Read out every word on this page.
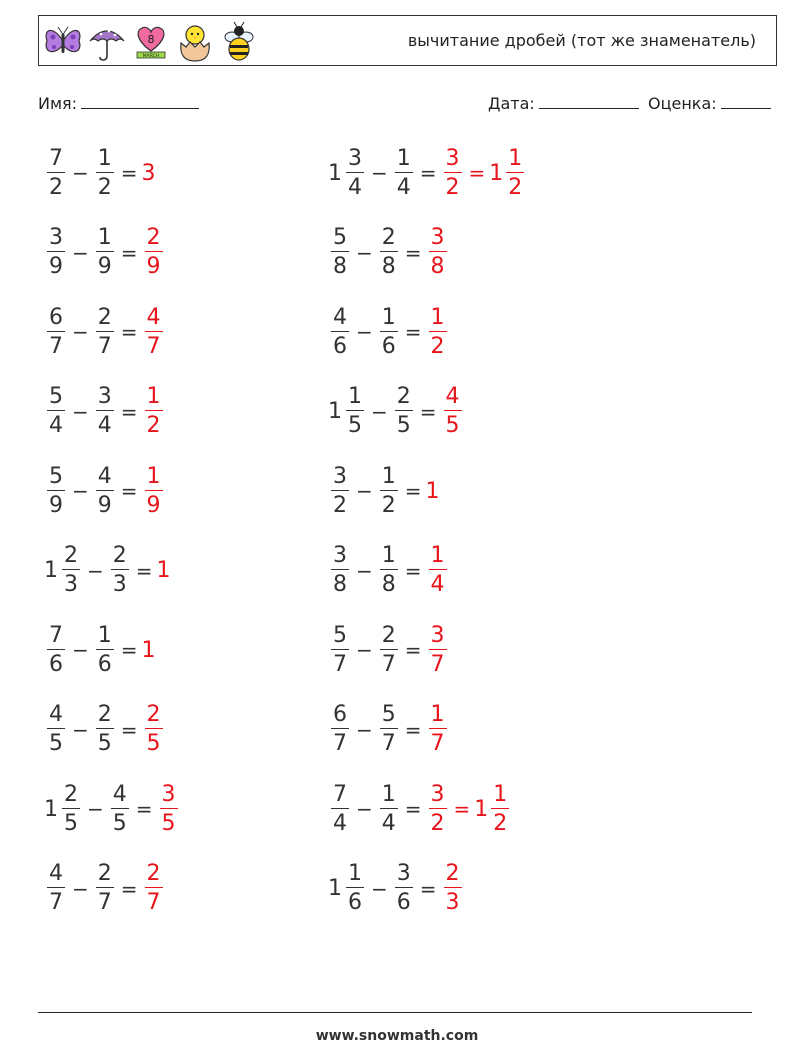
8
MARCH
вычитание дробей (тот же знаменатель)
Имя:	Дата:	Оценка:
$\frac{7}{2} - \frac{1}{2} = 3$	$1 \frac{3}{4} - \frac{1}{4} = \frac{3}{2} = 1 \frac{1}{2}$
$\frac{3}{9} - \frac{1}{9} = \frac{2}{9}$	$\frac{5}{8} - \frac{2}{8} = \frac{3}{8}$
$\frac{6}{7} - \frac{2}{7} = \frac{4}{7}$	$\frac{4}{6} - \frac{1}{6} = \frac{1}{2}$
$\frac{5}{4} - \frac{3}{4} = \frac{1}{2}$	$1 \frac{1}{5} - \frac{2}{5} = \frac{4}{5}$
$\frac{5}{9} - \frac{4}{9} = \frac{1}{9}$	$\frac{3}{2} - \frac{1}{2} = 1$
$1 \frac{2}{3} - \frac{2}{3} = 1$	$\frac{3}{8} - \frac{1}{8} = \frac{1}{4}$
$\frac{7}{6} - \frac{1}{6} = 1$	$\frac{5}{7} - \frac{2}{7} = \frac{3}{7}$
$\frac{4}{5} - \frac{2}{5} = \frac{2}{5}$	$\frac{6}{7} - \frac{5}{7} = \frac{1}{7}$
$1 \frac{2}{5} - \frac{4}{5} = \frac{3}{5}$	$\frac{7}{4} - \frac{1}{4} = \frac{3}{2} = 1 \frac{1}{2}$
$\frac{4}{7} - \frac{2}{7} = \frac{2}{7}$	$1 \frac{1}{6} - \frac{3}{6} = \frac{2}{3}$
www.snowmath.com
